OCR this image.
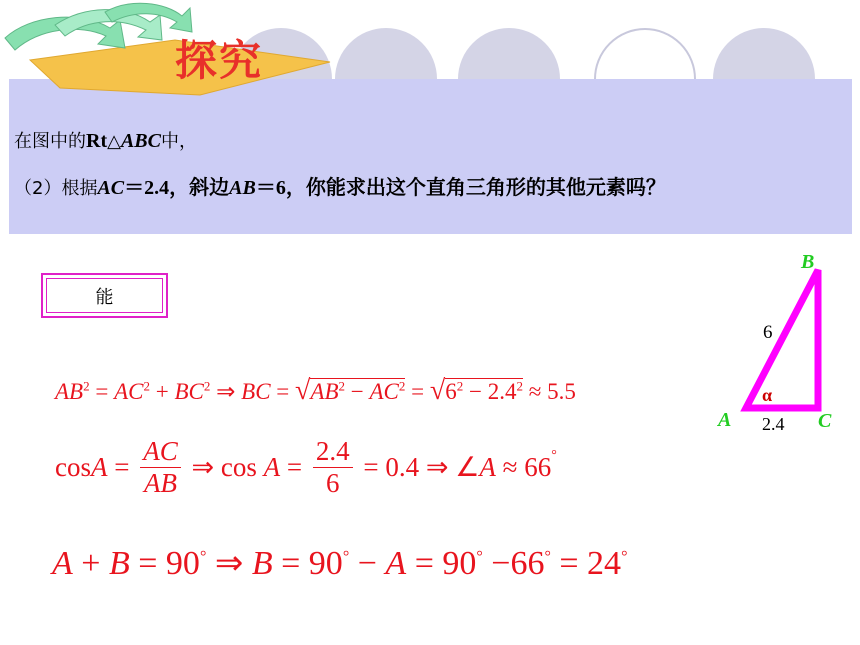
探究
在图中的Rt△ABC中，
（2）根据AC＝2.4，斜边AB＝6，你能求出这个直角三角形的其他元素吗？
能
$AB^2 = AC^2 + BC^2$ ⇒ BC = $√AB^2 - AC^2 = √6^2 - 2.4^2 \approx 5.5$
cos A =
AC
AB
⇒ cos A =
2.4
6
= 0.4 ⇒ ∠ A ≈ 66°
A + B = 90° ⇒ B = 90° − A = 90° −66° = 24°
B
A	C
6
2.4
α
